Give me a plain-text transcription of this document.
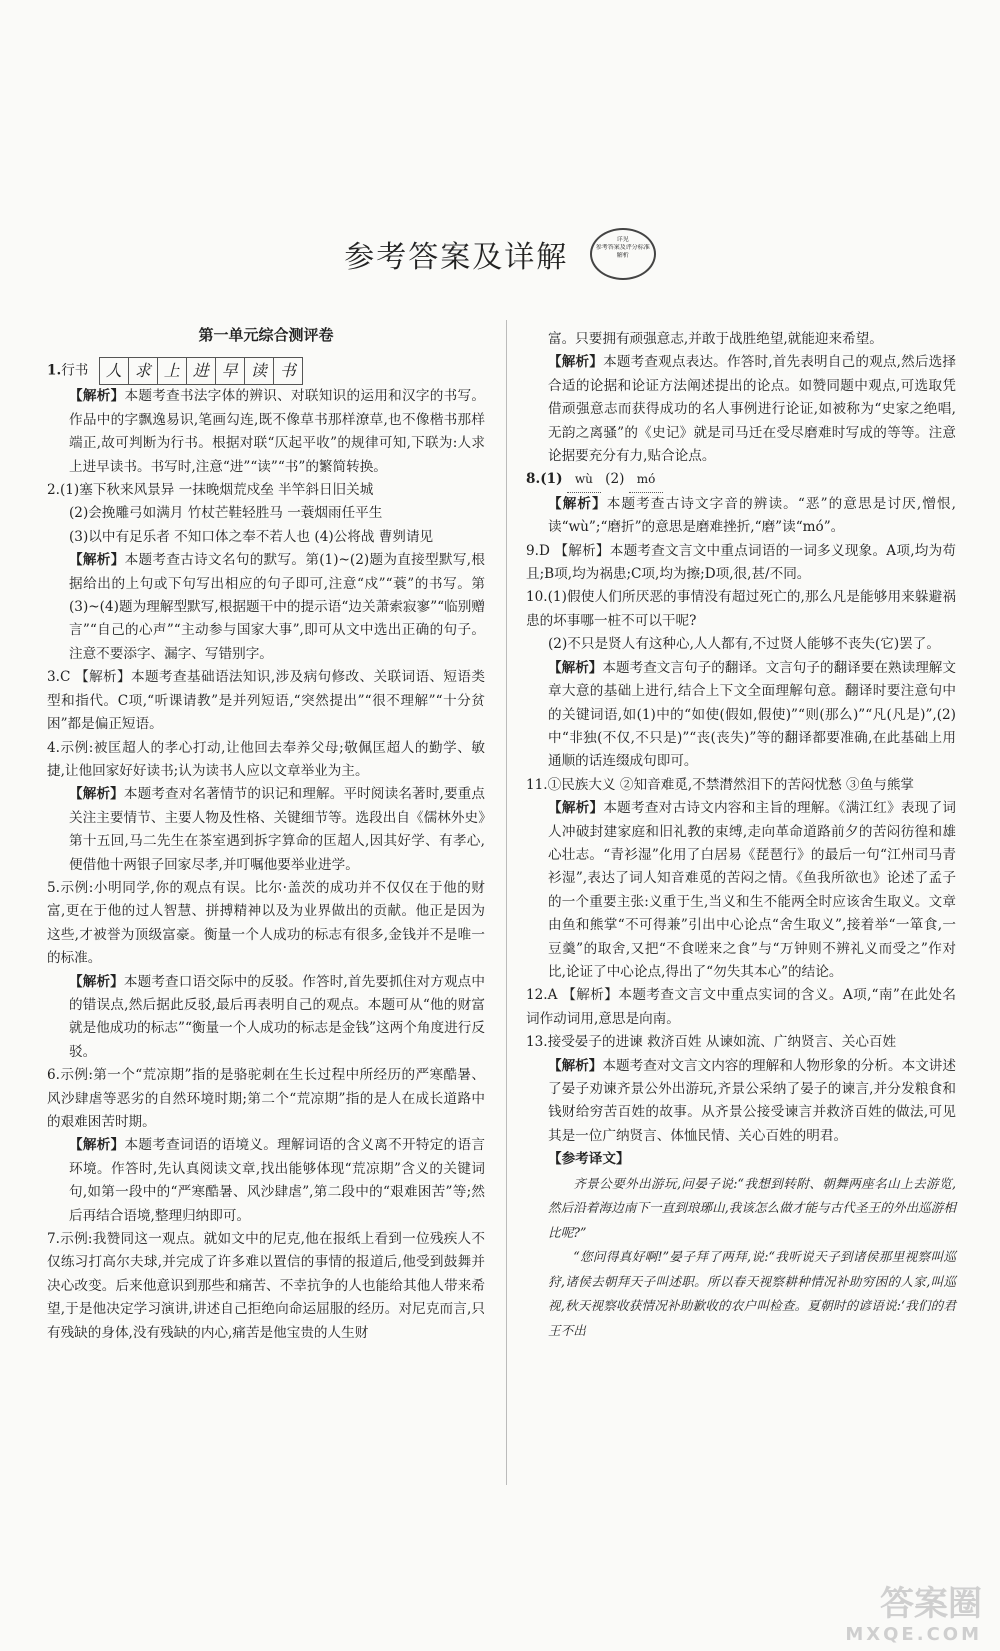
参考答案及详解
详见
参考答案及评分标准
解析
第一单元综合测评卷

1.行书	人 求 上 进 早 读 书

【解析】本题考查书法字体的辨识、对联知识的运用和汉字的书写。作品中的字飘逸易识,笔画勾连,既不像草书那样潦草,也不像楷书那样端正,故可判断为行书。根据对联“仄起平收”的规律可知,下联为:人求上进早读书。书写时,注意“进”“读”“书”的繁简转换。

2.(1)塞下秋来风景异 一抹晚烟荒戍垒 半竿斜日旧关城

(2)会挽雕弓如满月 竹杖芒鞋轻胜马 一蓑烟雨任平生

(3)以中有足乐者 不知口体之奉不若人也 (4)公将战 曹刿请见

【解析】本题考查古诗文名句的默写。第(1)~(2)题为直接型默写,根据给出的上句或下句写出相应的句子即可,注意“戍”“蓑”的书写。第(3)~(4)题为理解型默写,根据题干中的提示语“边关萧索寂寥”“临别赠言”“自己的心声”“主动参与国家大事”,即可从文中选出正确的句子。注意不要添字、漏字、写错别字。

3.C 【解析】本题考查基础语法知识,涉及病句修改、关联词语、短语类型和指代。C项,“听课请教”是并列短语,“突然提出”“很不理解”“十分贫困”都是偏正短语。

4.示例:被匡超人的孝心打动,让他回去奉养父母;敬佩匡超人的勤学、敏捷,让他回家好好读书;认为读书人应以文章举业为主。

【解析】本题考查对名著情节的识记和理解。平时阅读名著时,要重点关注主要情节、主要人物及性格、关键细节等。选段出自《儒林外史》第十五回,马二先生在茶室遇到拆字算命的匡超人,因其好学、有孝心,便借他十两银子回家尽孝,并叮嘱他要举业进学。

5.示例:小明同学,你的观点有误。比尔·盖茨的成功并不仅仅在于他的财富,更在于他的过人智慧、拼搏精神以及为业界做出的贡献。他正是因为这些,才被誉为顶级富豪。衡量一个人成功的标志有很多,金钱并不是唯一的标准。

【解析】本题考查口语交际中的反驳。作答时,首先要抓住对方观点中的错误点,然后据此反驳,最后再表明自己的观点。本题可从“他的财富就是他成功的标志”“衡量一个人成功的标志是金钱”这两个角度进行反驳。

6.示例:第一个“荒凉期”指的是骆驼刺在生长过程中所经历的严寒酷暑、风沙肆虐等恶劣的自然环境时期;第二个“荒凉期”指的是人在成长道路中的艰难困苦时期。

【解析】本题考查词语的语境义。理解词语的含义离不开特定的语言环境。作答时,先认真阅读文章,找出能够体现“荒凉期”含义的关键词句,如第一段中的“严寒酷暑、风沙肆虐”,第二段中的“艰难困苦”等;然后再结合语境,整理归纳即可。

7.示例:我赞同这一观点。就如文中的尼克,他在报纸上看到一位残疾人不仅练习打高尔夫球,并完成了许多难以置信的事情的报道后,他受到鼓舞并决心改变。后来他意识到那些和痛苦、不幸抗争的人也能给其他人带来希望,于是他决定学习演讲,讲述自己拒绝向命运屈服的经历。对尼克而言,只有残缺的身体,没有残缺的内心,痛苦是他宝贵的人生财

富。只要拥有顽强意志,并敢于战胜绝望,就能迎来希望。

【解析】本题考查观点表达。作答时,首先表明自己的观点,然后选择合适的论据和论证方法阐述提出的论点。如赞同题中观点,可选取凭借顽强意志而获得成功的名人事例进行论证,如被称为“史家之绝唱,无韵之离骚”的《史记》就是司马迁在受尽磨难时写成的等等。注意论据要充分有力,贴合论点。

8.(1) wù (2) mó

【解析】本题考查古诗文字音的辨读。“恶”的意思是讨厌,憎恨,读“wù”;“磨折”的意思是磨难挫折,“磨”读“mó”。

9.D 【解析】本题考查文言文中重点词语的一词多义现象。A项,均为苟且;B项,均为祸患;C项,均为擦;D项,很,甚/不同。

10.(1)假使人们所厌恶的事情没有超过死亡的,那么凡是能够用来躲避祸患的坏事哪一桩不可以干呢?

(2)不只是贤人有这种心,人人都有,不过贤人能够不丧失(它)罢了。

【解析】本题考查文言句子的翻译。文言句子的翻译要在熟读理解文章大意的基础上进行,结合上下文全面理解句意。翻译时要注意句中的关键词语,如(1)中的“如使(假如,假使)”“则(那么)”“凡(凡是)”,(2)中“非独(不仅,不只是)”“丧(丧失)”等的翻译都要准确,在此基础上用通顺的话连缀成句即可。

11.①民族大义 ②知音难觅,不禁潸然泪下的苦闷忧愁 ③鱼与熊掌

【解析】本题考查对古诗文内容和主旨的理解。《满江红》表现了词人冲破封建家庭和旧礼教的束缚,走向革命道路前夕的苦闷彷徨和雄心壮志。“青衫湿”化用了白居易《琵琶行》的最后一句“江州司马青衫湿”,表达了词人知音难觅的苦闷之情。《鱼我所欲也》论述了孟子的一个重要主张:义重于生,当义和生不能两全时应该舍生取义。文章由鱼和熊掌“不可得兼”引出中心论点“舍生取义”,接着举“一箪食,一豆羹”的取舍,又把“不食嗟来之食”与“万钟则不辨礼义而受之”作对比,论证了中心论点,得出了“勿失其本心”的结论。

12.A 【解析】本题考查文言文中重点实词的含义。A项,“南”在此处名词作动词用,意思是向南。

13.接受晏子的进谏 救济百姓 从谏如流、广纳贤言、关心百姓

【解析】本题考查对文言文内容的理解和人物形象的分析。本文讲述了晏子劝谏齐景公外出游玩,齐景公采纳了晏子的谏言,并分发粮食和钱财给穷苦百姓的故事。从齐景公接受谏言并救济百姓的做法,可见其是一位广纳贤言、体恤民情、关心百姓的明君。

【参考译文】

齐景公要外出游玩,问晏子说:“我想到转附、朝舞两座名山上去游览,然后沿着海边南下一直到琅琊山,我该怎么做才能与古代圣王的外出巡游相比呢?”

“您问得真好啊!”晏子拜了两拜,说:“我听说天子到诸侯那里视察叫巡狩,诸侯去朝拜天子叫述职。所以春天视察耕种情况补助穷困的人家,叫巡视,秋天视察收获情况补助歉收的农户叫检查。夏朝时的谚语说:‘我们的君王不出

答案圈
MXQE.COM
